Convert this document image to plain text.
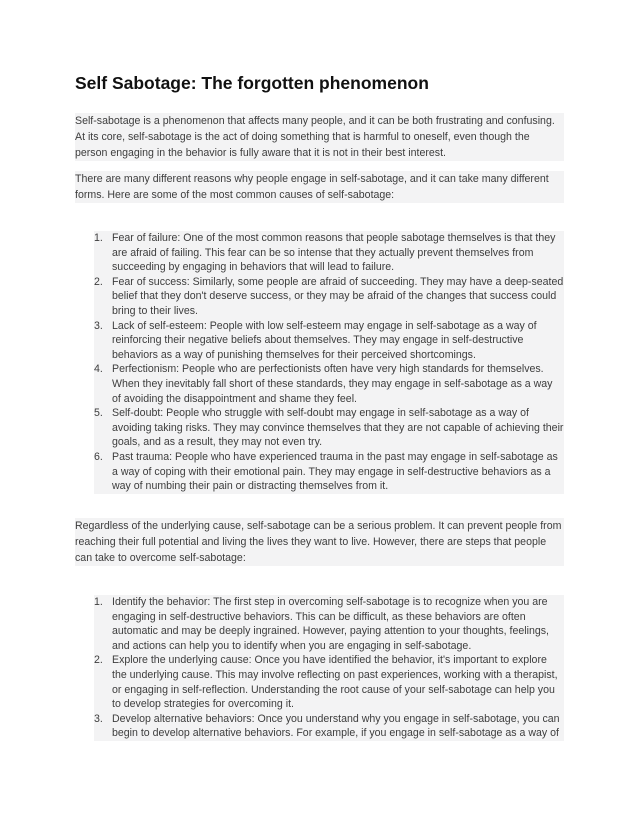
Self Sabotage: The forgotten phenomenon

Self-sabotage is a phenomenon that affects many people, and it can be both frustrating and confusing. At its core, self-sabotage is the act of doing something that is harmful to oneself, even though the person engaging in the behavior is fully aware that it is not in their best interest.

There are many different reasons why people engage in self-sabotage, and it can take many different forms. Here are some of the most common causes of self-sabotage:

1. Fear of failure: One of the most common reasons that people sabotage themselves is that they are afraid of failing. This fear can be so intense that they actually prevent themselves from succeeding by engaging in behaviors that will lead to failure.
2. Fear of success: Similarly, some people are afraid of succeeding. They may have a deep-seated belief that they don't deserve success, or they may be afraid of the changes that success could bring to their lives.
3. Lack of self-esteem: People with low self-esteem may engage in self-sabotage as a way of reinforcing their negative beliefs about themselves. They may engage in self-destructive behaviors as a way of punishing themselves for their perceived shortcomings.
4. Perfectionism: People who are perfectionists often have very high standards for themselves. When they inevitably fall short of these standards, they may engage in self-sabotage as a way of avoiding the disappointment and shame they feel.
5. Self-doubt: People who struggle with self-doubt may engage in self-sabotage as a way of avoiding taking risks. They may convince themselves that they are not capable of achieving their goals, and as a result, they may not even try.
6. Past trauma: People who have experienced trauma in the past may engage in self-sabotage as a way of coping with their emotional pain. They may engage in self-destructive behaviors as a way of numbing their pain or distracting themselves from it.

Regardless of the underlying cause, self-sabotage can be a serious problem. It can prevent people from reaching their full potential and living the lives they want to live. However, there are steps that people can take to overcome self-sabotage:

1. Identify the behavior: The first step in overcoming self-sabotage is to recognize when you are engaging in self-destructive behaviors. This can be difficult, as these behaviors are often automatic and may be deeply ingrained. However, paying attention to your thoughts, feelings, and actions can help you to identify when you are engaging in self-sabotage.
2. Explore the underlying cause: Once you have identified the behavior, it's important to explore the underlying cause. This may involve reflecting on past experiences, working with a therapist, or engaging in self-reflection. Understanding the root cause of your self-sabotage can help you to develop strategies for overcoming it.
3. Develop alternative behaviors: Once you understand why you engage in self-sabotage, you can begin to develop alternative behaviors. For example, if you engage in self-sabotage as a way of
